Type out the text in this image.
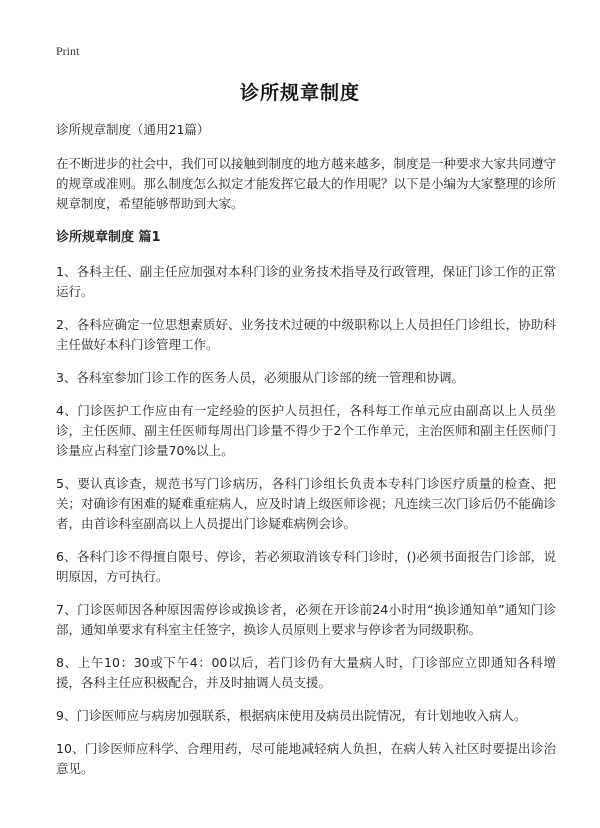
Print
诊所规章制度

诊所规章制度（通用21篇）

在不断进步的社会中，我们可以接触到制度的地方越来越多，制度是一种要求大家共同遵守的规章或准则。那么制度怎么拟定才能发挥它最大的作用呢？以下是小编为大家整理的诊所规章制度，希望能够帮助到大家。

诊所规章制度 篇1

1、各科主任、副主任应加强对本科门诊的业务技术指导及行政管理，保证门诊工作的正常运行。

2、各科应确定一位思想素质好、业务技术过硬的中级职称以上人员担任门诊组长，协助科主任做好本科门诊管理工作。

3、各科室参加门诊工作的医务人员，必须服从门诊部的统一管理和协调。

4、门诊医护工作应由有一定经验的医护人员担任，各科每工作单元应由副高以上人员坐诊，主任医师、副主任医师每周出门诊量不得少于2个工作单元，主治医师和副主任医师门诊量应占科室门诊量70%以上。

5、要认真诊查，规范书写门诊病历，各科门诊组长负责本专科门诊医疗质量的检查、把关；对确诊有困难的疑难重症病人，应及时请上级医师诊视；凡连续三次门诊后仍不能确诊者，由首诊科室副高以上人员提出门诊疑难病例会诊。

6、各科门诊不得擅自限号、停诊，若必须取消该专科门诊时，()必须书面报告门诊部，说明原因，方可执行。

7、门诊医师因各种原因需停诊或换诊者，必须在开诊前24小时用“换诊通知单”通知门诊部，通知单要求有科室主任签字，换诊人员原则上要求与停诊者为同级职称。

8、上午10：30或下午4：00以后，若门诊仍有大量病人时，门诊部应立即通知各科增援，各科主任应积极配合，并及时抽调人员支援。

9、门诊医师应与病房加强联系，根据病床使用及病员出院情况，有计划地收入病人。

10、门诊医师应科学、合理用药，尽可能地减轻病人负担，在病人转入社区时要提出诊治意见。
